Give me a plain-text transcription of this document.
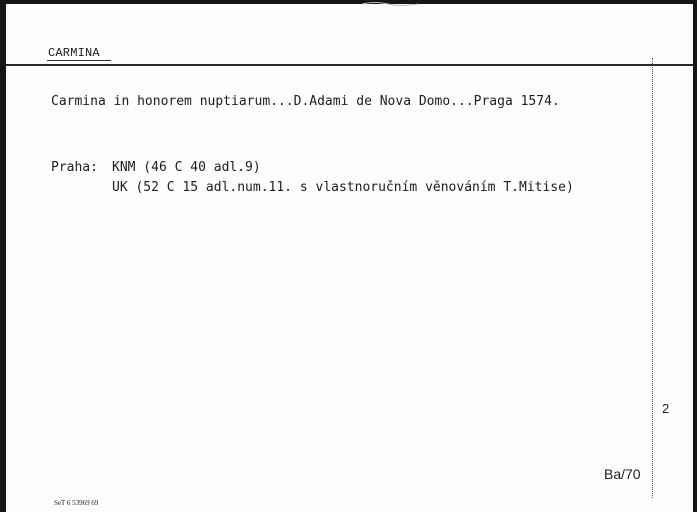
CARMINA
Carmina in honorem nuptiarum...D.Adami de Nova Domo...Praga 1574.
Praha: KNM (46 C 40 adl.9)
UK (52 C 15 adl.num.11. s vlastnoručním věnováním T.Mitise)
2
Ba/70
SeT 6 53969 69
